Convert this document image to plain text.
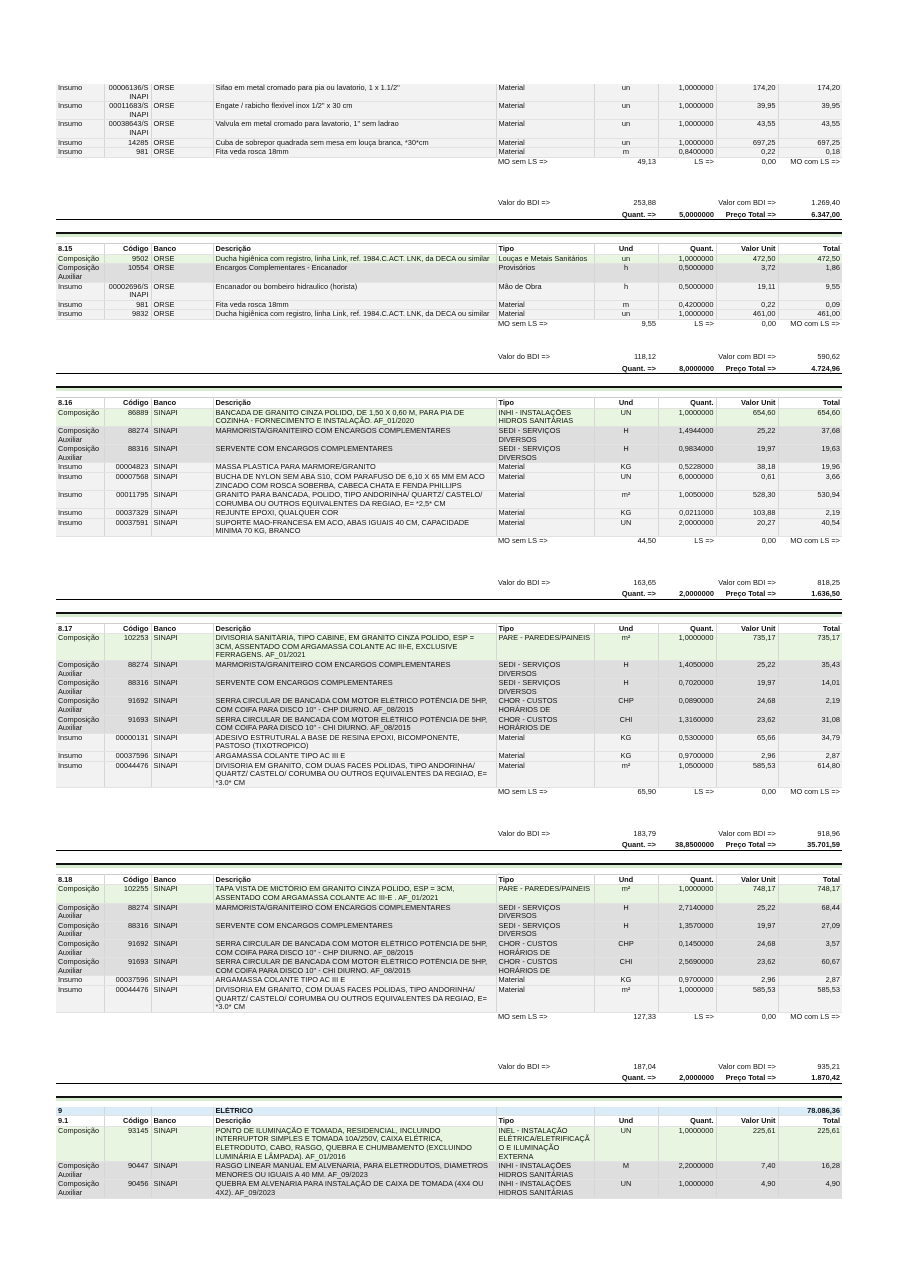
Insumo	00006136/S INAPI	ORSE	Sifao em metal cromado para pia ou lavatorio, 1 x 1.1/2"	Material	un	1,0000000	174,20	174,20	
Insumo	00011683/S INAPI	ORSE	Engate / rabicho flexivel inox 1/2" x 30 cm	Material	un	1,0000000	39,95	39,95	
Insumo	00038643/S INAPI	ORSE	Valvula em metal cromado para lavatorio, 1" sem ladrao	Material	un	1,0000000	43,55	43,55	
Insumo	14285	ORSE	Cuba de sobrepor quadrada sem mesa em louça branca, *30*cm	Material	un	1,0000000	697,25	697,25	
Insumo	981	ORSE	Fita veda rosca 18mm	Material	m	0,8400000	0,22	0,18	
				MO sem LS =>	49,13	LS =>	0,00	MO com LS =>	
				Valor do BDI =>	253,88		Valor com BDI =>	1.269,40	
					Quant. =>	5,0000000	Preço Total =>	6.347,00	

8.15	Código	Banco	Descrição	Tipo	Und	Quant.	Valor Unit	Total	
Composição	9502	ORSE	Ducha higiênica com registro, linha Link, ref. 1984.C.ACT. LNK, da DECA ou similar	Louças e Metais Sanitários	un	1,0000000	472,50	472,50	
Composição Auxiliar	10554	ORSE	Encargos Complementares - Encanador	Provisórios	h	0,5000000	3,72	1,86	
Insumo	00002696/S INAPI	ORSE	Encanador ou bombeiro hidraulico (horista)	Mão de Obra	h	0,5000000	19,11	9,55	
Insumo	981	ORSE	Fita veda rosca 18mm	Material	m	0,4200000	0,22	0,09	
Insumo	9832	ORSE	Ducha higiênica com registro, linha Link, ref. 1984.C.ACT. LNK, da DECA ou similar	Material	un	1,0000000	461,00	461,00	
				MO sem LS =>	9,55	LS =>	0,00	MO com LS =>	
				Valor do BDI =>	118,12		Valor com BDI =>	590,62	
					Quant. =>	8,0000000	Preço Total =>	4.724,96	

8.16	Código	Banco	Descrição	Tipo	Und	Quant.	Valor Unit	Total	
Composição	86889	SINAPI	BANCADA DE GRANITO CINZA POLIDO, DE 1,50 X 0,60 M, PARA PIA DE COZINHA - FORNECIMENTO E INSTALAÇÃO. AF_01/2020	INHI - INSTALAÇÕES HIDROS SANITÁRIAS	UN	1,0000000	654,60	654,60	
Composição Auxiliar	88274	SINAPI	MARMORISTA/GRANITEIRO COM ENCARGOS COMPLEMENTARES	SEDI - SERVIÇOS DIVERSOS	H	1,4944000	25,22	37,68	
Composição Auxiliar	88316	SINAPI	SERVENTE COM ENCARGOS COMPLEMENTARES	SEDI - SERVIÇOS DIVERSOS	H	0,9834000	19,97	19,63	
Insumo	00004823	SINAPI	MASSA PLASTICA PARA MARMORE/GRANITO	Material	KG	0,5228000	38,18	19,96	
Insumo	00007568	SINAPI	BUCHA DE NYLON SEM ABA S10, COM PARAFUSO DE 6,10 X 65 MM EM ACO ZINCADO COM ROSCA SOBERBA, CABECA CHATA E FENDA PHILLIPS	Material	UN	6,0000000	0,61	3,66	
Insumo	00011795	SINAPI	GRANITO PARA BANCADA, POLIDO, TIPO ANDORINHA/ QUARTZ/ CASTELO/ CORUMBA OU OUTROS EQUIVALENTES DA REGIAO, E= *2,5* CM	Material	m²	1,0050000	528,30	530,94	
Insumo	00037329	SINAPI	REJUNTE EPOXI, QUALQUER COR	Material	KG	0,0211000	103,88	2,19	
Insumo	00037591	SINAPI	SUPORTE MAO-FRANCESA EM ACO, ABAS IGUAIS 40 CM, CAPACIDADE MINIMA 70 KG, BRANCO	Material	UN	2,0000000	20,27	40,54	
				MO sem LS =>	44,50	LS =>	0,00	MO com LS =>	
				Valor do BDI =>	163,65		Valor com BDI =>	818,25	
					Quant. =>	2,0000000	Preço Total =>	1.636,50	

8.17	Código	Banco	Descrição	Tipo	Und	Quant.	Valor Unit	Total	
Composição	102253	SINAPI	DIVISORIA SANITÁRIA, TIPO CABINE, EM GRANITO CINZA POLIDO, ESP = 3CM, ASSENTADO COM ARGAMASSA COLANTE AC III-E, EXCLUSIVE FERRAGENS. AF_01/2021	PARE - PAREDES/PAINEIS	m²	1,0000000	735,17	735,17	
Composição Auxiliar	88274	SINAPI	MARMORISTA/GRANITEIRO COM ENCARGOS COMPLEMENTARES	SEDI - SERVIÇOS DIVERSOS	H	1,4050000	25,22	35,43	
Composição Auxiliar	88316	SINAPI	SERVENTE COM ENCARGOS COMPLEMENTARES	SEDI - SERVIÇOS DIVERSOS	H	0,7020000	19,97	14,01	
Composição Auxiliar	91692	SINAPI	SERRA CIRCULAR DE BANCADA COM MOTOR ELÉTRICO POTÊNCIA DE 5HP, COM COIFA PARA DISCO 10" - CHP DIURNO. AF_08/2015	CHOR - CUSTOS HORÁRIOS DE	CHP	0,0890000	24,68	2,19	
Composição Auxiliar	91693	SINAPI	SERRA CIRCULAR DE BANCADA COM MOTOR ELÉTRICO POTÊNCIA DE 5HP, COM COIFA PARA DISCO 10" - CHI DIURNO. AF_08/2015	CHOR - CUSTOS HORÁRIOS DE	CHI	1,3160000	23,62	31,08	
Insumo	00000131	SINAPI	ADESIVO ESTRUTURAL A BASE DE RESINA EPOXI, BICOMPONENTE, PASTOSO (TIXOTROPICO)	Material	KG	0,5300000	65,66	34,79	
Insumo	00037596	SINAPI	ARGAMASSA COLANTE TIPO AC III E	Material	KG	0,9700000	2,96	2,87	
Insumo	00044476	SINAPI	DIVISORIA EM GRANITO, COM DUAS FACES POLIDAS, TIPO ANDORINHA/ QUARTZ/ CASTELO/ CORUMBA OU OUTROS EQUIVALENTES DA REGIAO, E= *3.0* CM	Material	m²	1,0500000	585,53	614,80	
				MO sem LS =>	65,90	LS =>	0,00	MO com LS =>	
				Valor do BDI =>	183,79		Valor com BDI =>	918,96	
					Quant. =>	38,8500000	Preço Total =>	35.701,59	

8.18	Código	Banco	Descrição	Tipo	Und	Quant.	Valor Unit	Total	
Composição	102255	SINAPI	TAPA VISTA DE MICTÓRIO EM GRANITO CINZA POLIDO, ESP = 3CM, ASSENTADO COM ARGAMASSA COLANTE AC III-E . AF_01/2021	PARE - PAREDES/PAINEIS	m²	1,0000000	748,17	748,17	
Composição Auxiliar	88274	SINAPI	MARMORISTA/GRANITEIRO COM ENCARGOS COMPLEMENTARES	SEDI - SERVIÇOS DIVERSOS	H	2,7140000	25,22	68,44	
Composição Auxiliar	88316	SINAPI	SERVENTE COM ENCARGOS COMPLEMENTARES	SEDI - SERVIÇOS DIVERSOS	H	1,3570000	19,97	27,09	
Composição Auxiliar	91692	SINAPI	SERRA CIRCULAR DE BANCADA COM MOTOR ELÉTRICO POTÊNCIA DE 5HP, COM COIFA PARA DISCO 10" - CHP DIURNO. AF_08/2015	CHOR - CUSTOS HORÁRIOS DE	CHP	0,1450000	24,68	3,57	
Composição Auxiliar	91693	SINAPI	SERRA CIRCULAR DE BANCADA COM MOTOR ELÉTRICO POTÊNCIA DE 5HP, COM COIFA PARA DISCO 10" - CHI DIURNO. AF_08/2015	CHOR - CUSTOS HORÁRIOS DE	CHI	2,5690000	23,62	60,67	
Insumo	00037596	SINAPI	ARGAMASSA COLANTE TIPO AC III E	Material	KG	0,9700000	2,96	2,87	
Insumo	00044476	SINAPI	DIVISORIA EM GRANITO, COM DUAS FACES POLIDAS, TIPO ANDORINHA/ QUARTZ/ CASTELO/ CORUMBA OU OUTROS EQUIVALENTES DA REGIAO, E= *3.0* CM	Material	m²	1,0000000	585,53	585,53	
				MO sem LS =>	127,33	LS =>	0,00	MO com LS =>	
				Valor do BDI =>	187,04		Valor com BDI =>	935,21	
					Quant. =>	2,0000000	Preço Total =>	1.870,42	

9			ELÉTRICO					78.086,36	
9.1	Código	Banco	Descrição	Tipo	Und	Quant.	Valor Unit	Total	
Composição	93145	SINAPI	PONTO DE ILUMINAÇÃO E TOMADA, RESIDENCIAL, INCLUINDO INTERRUPTOR SIMPLES E TOMADA 10A/250V, CAIXA ELÉTRICA, ELETRODUTO, CABO, RASGO, QUEBRA E CHUMBAMENTO (EXCLUINDO LUMINÁRIA E LÂMPADA). AF_01/2016	INEL - INSTALAÇÃO ELÉTRICA/ELETRIFICAÇÃO E ILUMINAÇÃO EXTERNA	UN	1,0000000	225,61	225,61	
Composição Auxiliar	90447	SINAPI	RASGO LINEAR MANUAL EM ALVENARIA, PARA ELETRODUTOS, DIAMETROS MENORES OU IGUAIS A 40 MM. AF_09/2023	INHI - INSTALAÇÕES HIDROS SANITÁRIAS	M	2,2000000	7,40	16,28	
Composição Auxiliar	90456	SINAPI	QUEBRA EM ALVENARIA PARA INSTALAÇÃO DE CAIXA DE TOMADA (4X4 OU 4X2). AF_09/2023	INHI - INSTALAÇÕES HIDROS SANITÁRIAS	UN	1,0000000	4,90	4,90	
